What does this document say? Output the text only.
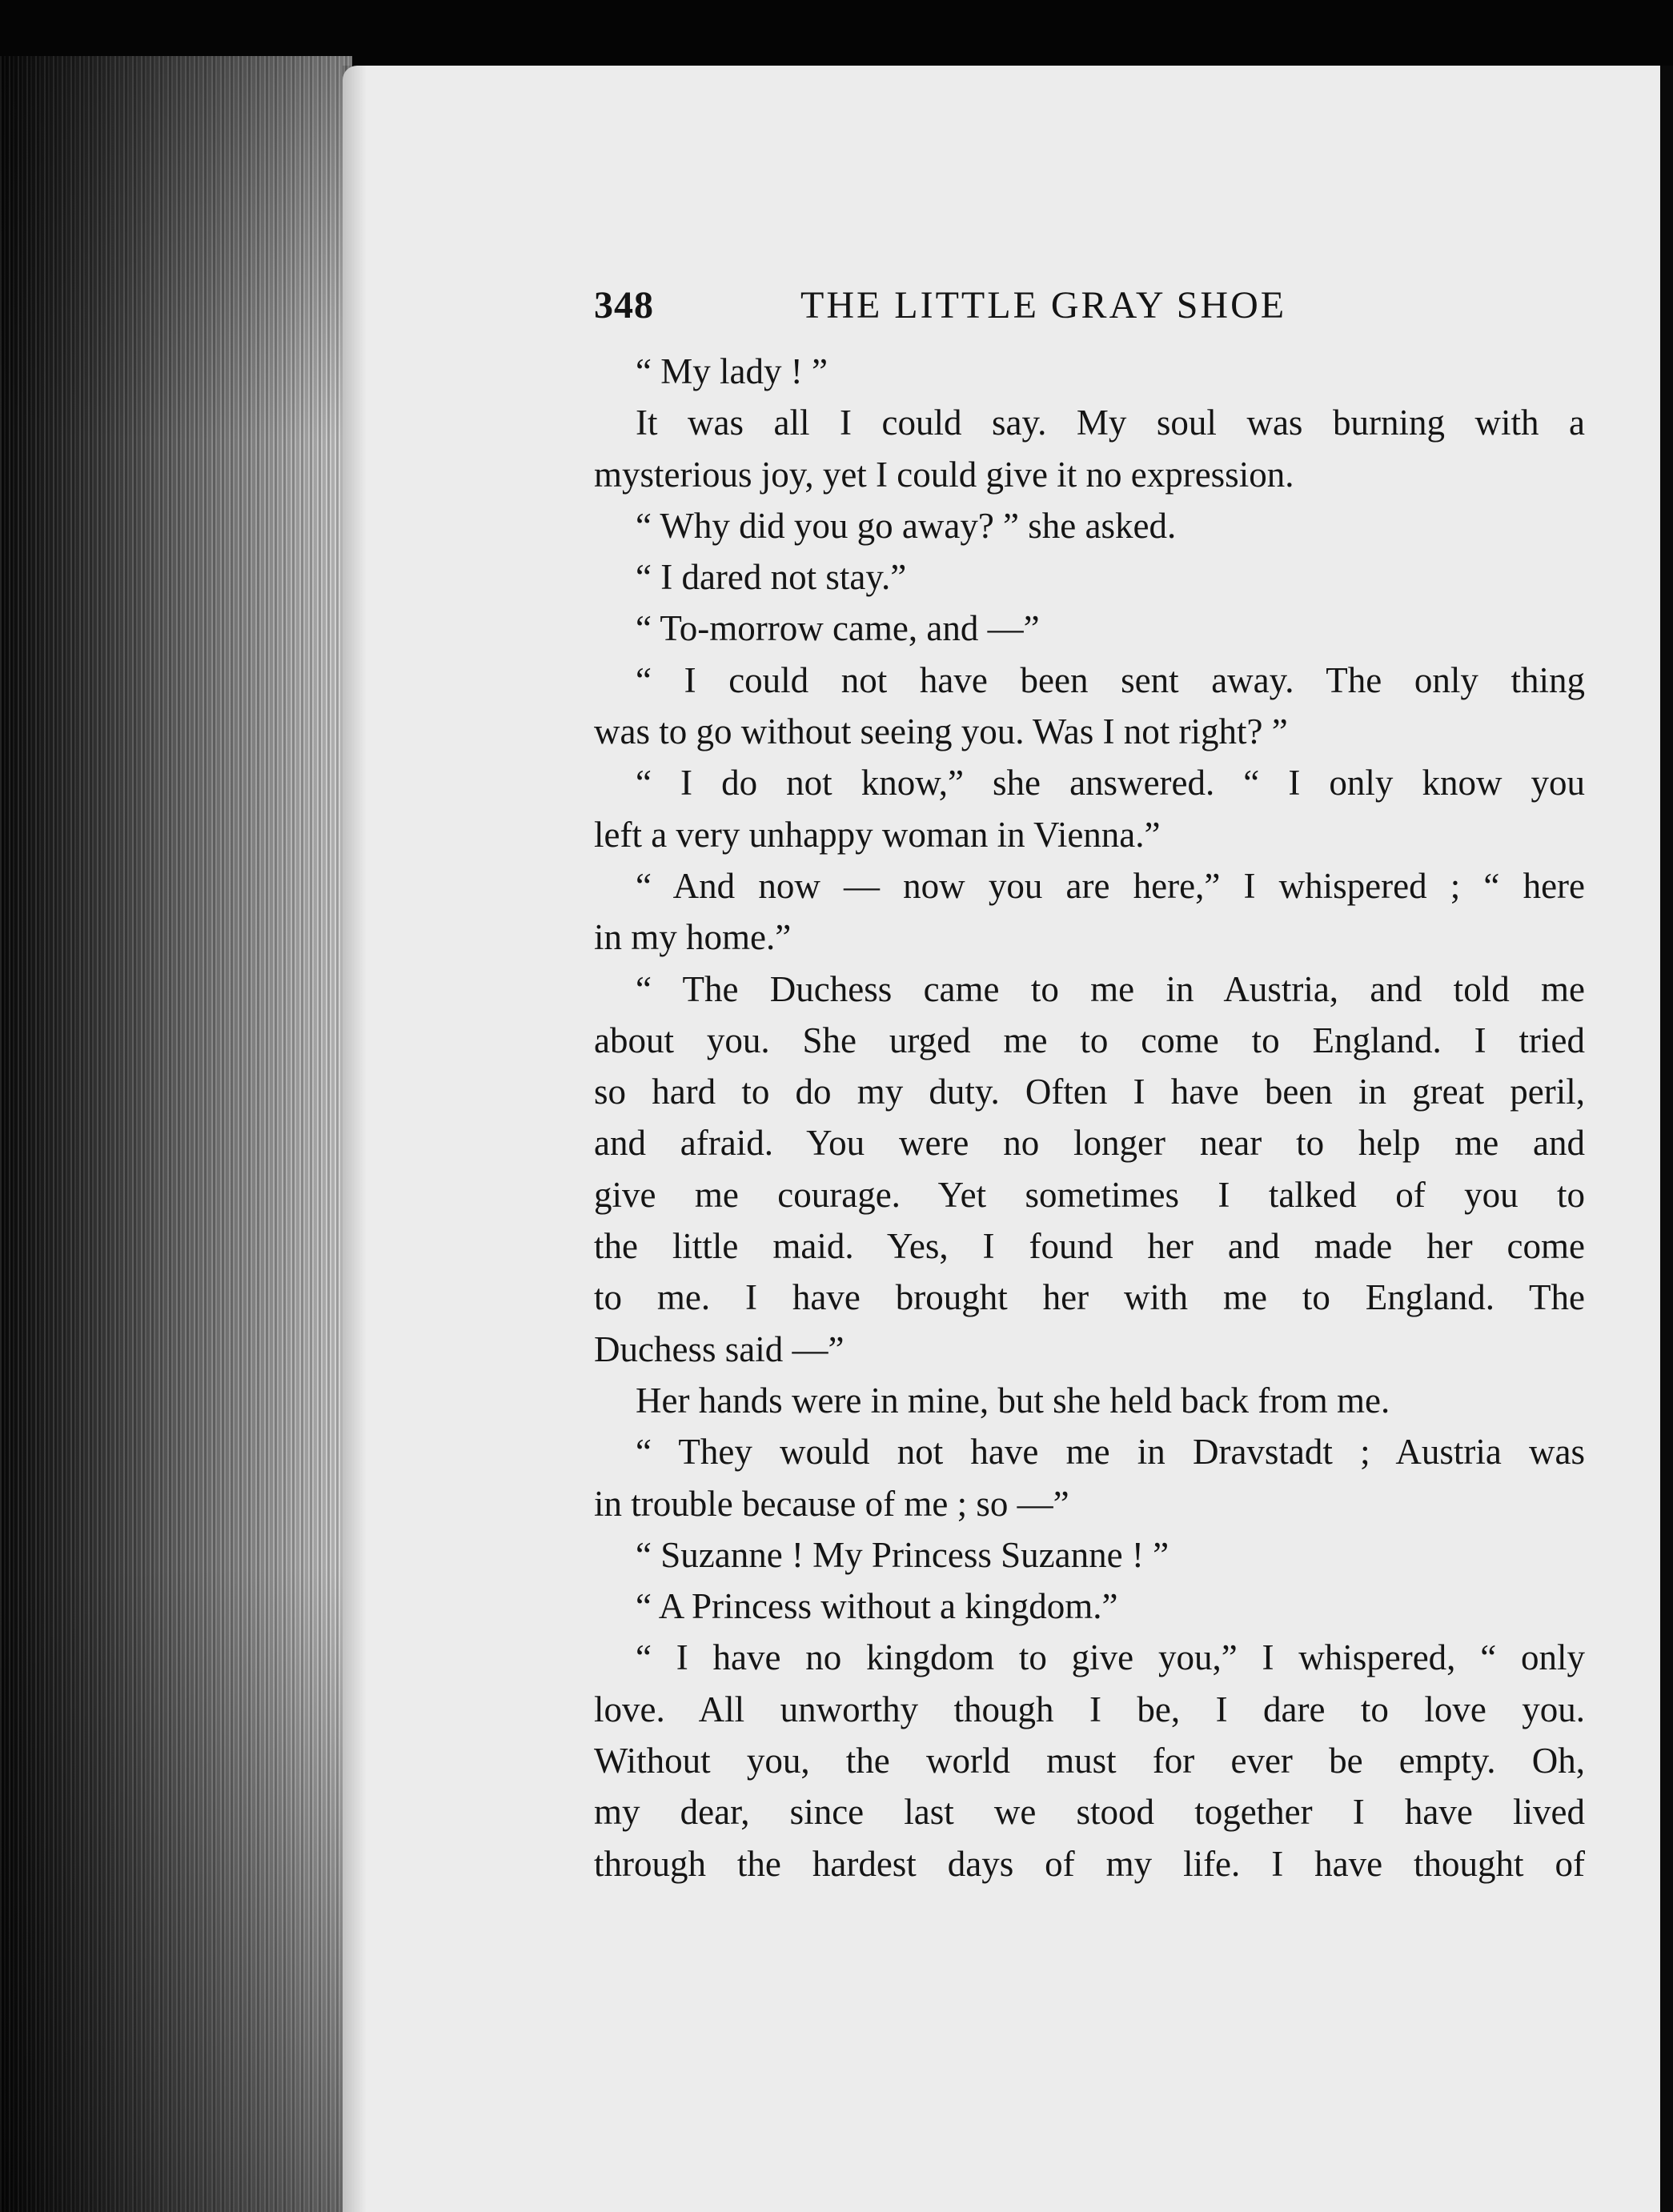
348	THE LITTLE GRAY SHOE
“ My lady ! ”
It was all I could say. My soul was burning with a
mysterious joy, yet I could give it no expression.
“ Why did you go away? ” she asked.
“ I dared not stay.”
“ To-morrow came, and —”
“ I could not have been sent away. The only thing
was to go without seeing you. Was I not right? ”
“ I do not know,” she answered. “ I only know you
left a very unhappy woman in Vienna.”
“ And now — now you are here,” I whispered ; “ here
in my home.”
“ The Duchess came to me in Austria, and told me
about you. She urged me to come to England. I tried
so hard to do my duty. Often I have been in great peril,
and afraid. You were no longer near to help me and
give me courage. Yet sometimes I talked of you to
the little maid. Yes, I found her and made her come
to me. I have brought her with me to England. The
Duchess said —”
Her hands were in mine, but she held back from me.
“ They would not have me in Dravstadt ; Austria was
in trouble because of me ; so —”
“ Suzanne ! My Princess Suzanne ! ”
“ A Princess without a kingdom.”
“ I have no kingdom to give you,” I whispered, “ only
love. All unworthy though I be, I dare to love you.
Without you, the world must for ever be empty. Oh,
my dear, since last we stood together I have lived
through the hardest days of my life. I have thought of
